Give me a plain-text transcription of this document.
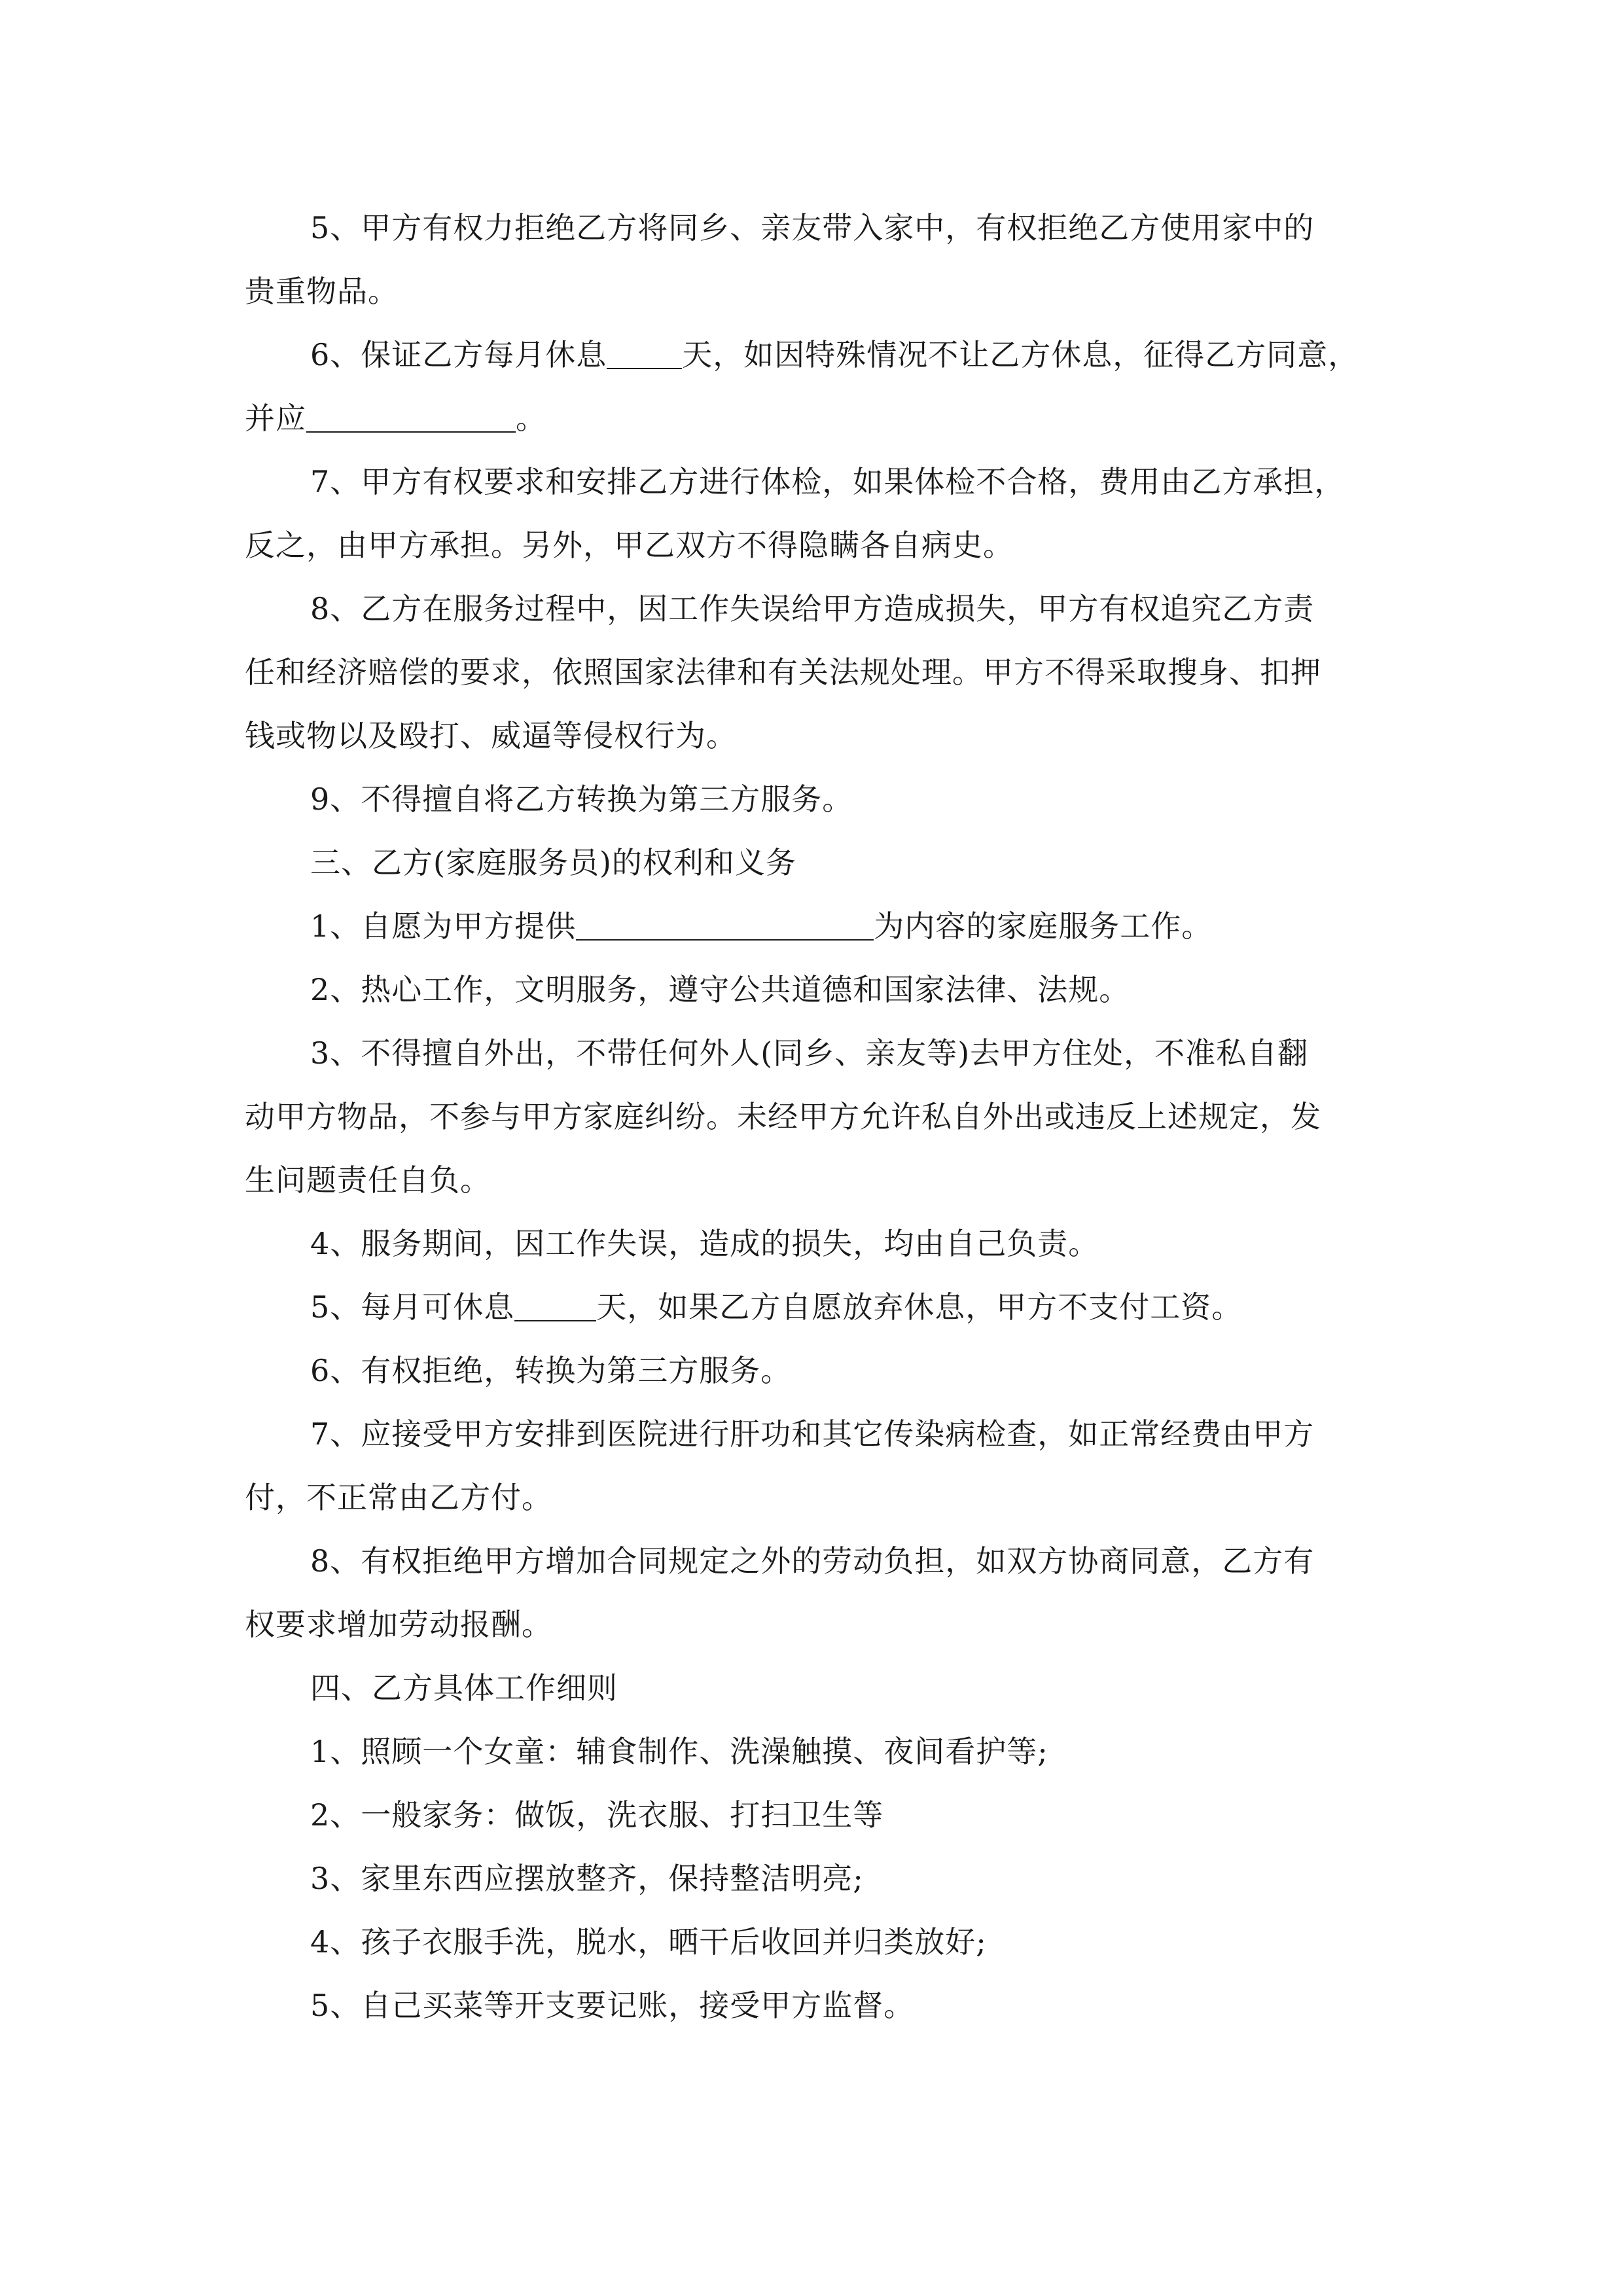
5、甲方有权力拒绝乙方将同乡、亲友带入家中，有权拒绝乙方使用家中的
贵重物品。
6、保证乙方每月休息	天，如因特殊情况不让乙方休息，征得乙方同意，
并应	。
7、甲方有权要求和安排乙方进行体检，如果体检不合格，费用由乙方承担，
反之，由甲方承担。另外，甲乙双方不得隐瞒各自病史。
8、乙方在服务过程中，因工作失误给甲方造成损失，甲方有权追究乙方责
任和经济赔偿的要求，依照国家法律和有关法规处理。甲方不得采取搜身、扣押
钱或物以及殴打、威逼等侵权行为。
9、不得擅自将乙方转换为第三方服务。
三、乙方(家庭服务员)的权利和义务
1、自愿为甲方提供	为内容的家庭服务工作。
2、热心工作，文明服务，遵守公共道德和国家法律、法规。
3、不得擅自外出，不带任何外人(同乡、亲友等)去甲方住处，不准私自翻
动甲方物品，不参与甲方家庭纠纷。未经甲方允许私自外出或违反上述规定，发
生问题责任自负。
4、服务期间，因工作失误，造成的损失，均由自己负责。
5、每月可休息	天，如果乙方自愿放弃休息，甲方不支付工资。
6、有权拒绝，转换为第三方服务。
7、应接受甲方安排到医院进行肝功和其它传染病检查，如正常经费由甲方
付，不正常由乙方付。
8、有权拒绝甲方增加合同规定之外的劳动负担，如双方协商同意，乙方有
权要求增加劳动报酬。
四、乙方具体工作细则
1、照顾一个女童：辅食制作、洗澡触摸、夜间看护等;
2、一般家务：做饭，洗衣服、打扫卫生等
3、家里东西应摆放整齐，保持整洁明亮;
4、孩子衣服手洗，脱水，晒干后收回并归类放好;
5、自己买菜等开支要记账，接受甲方监督。
